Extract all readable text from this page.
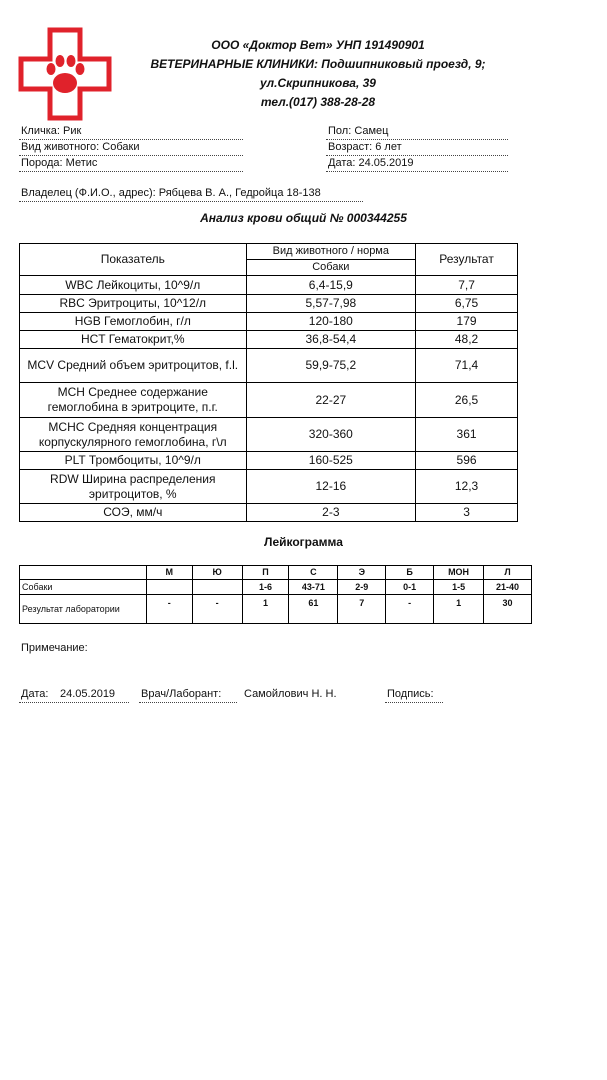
ООО «Доктор Вет» УНП 191490901
ВЕТЕРИНАРНЫЕ КЛИНИКИ: Подшипниковый проезд, 9;
ул.Скрипникова, 39
тел.(017) 388-28-28
Кличка: Рик
Вид животного: Собаки
Порода: Метис
Пол: Самец
Возраст: 6 лет
Дата: 24.05.2019
Владелец (Ф.И.О., адрес): Рябцева В. А., Гедройца 18-138
Анализ крови общий № 000344255
Показатель	Вид животного / норма	Результат
	Собаки	
WBC Лейкоциты, 10^9/л	6,4-15,9	7,7
RBC Эритроциты, 10^12/л	5,57-7,98	6,75
HGB Гемоглобин, г/л	120-180	179
HCT Гематокрит,%	36,8-54,4	48,2
MCV Средний объем эритроцитов, f.l.	59,9-75,2	71,4
MCH Среднее содержание гемоглобина в эритроците, п.г.	22-27	26,5
MCHC Средняя концентрация корпускулярного гемоглобина, г\л	320-360	361
PLT Тромбоциты, 10^9/л	160-525	596
RDW Ширина распределения эритроцитов, %	12-16	12,3
СОЭ, мм/ч	2-3	3
Лейкограмма
	М	Ю	П	С	Э	Б	МОН	Л
Собаки			1-6	43-71	2-9	0-1	1-5	21-40
Результат лаборатории	-	-	1	61	7	-	1	30
Примечание:
Дата: 24.05.2019 Врач/Лаборант: Самойлович Н. Н.	Подпись:
